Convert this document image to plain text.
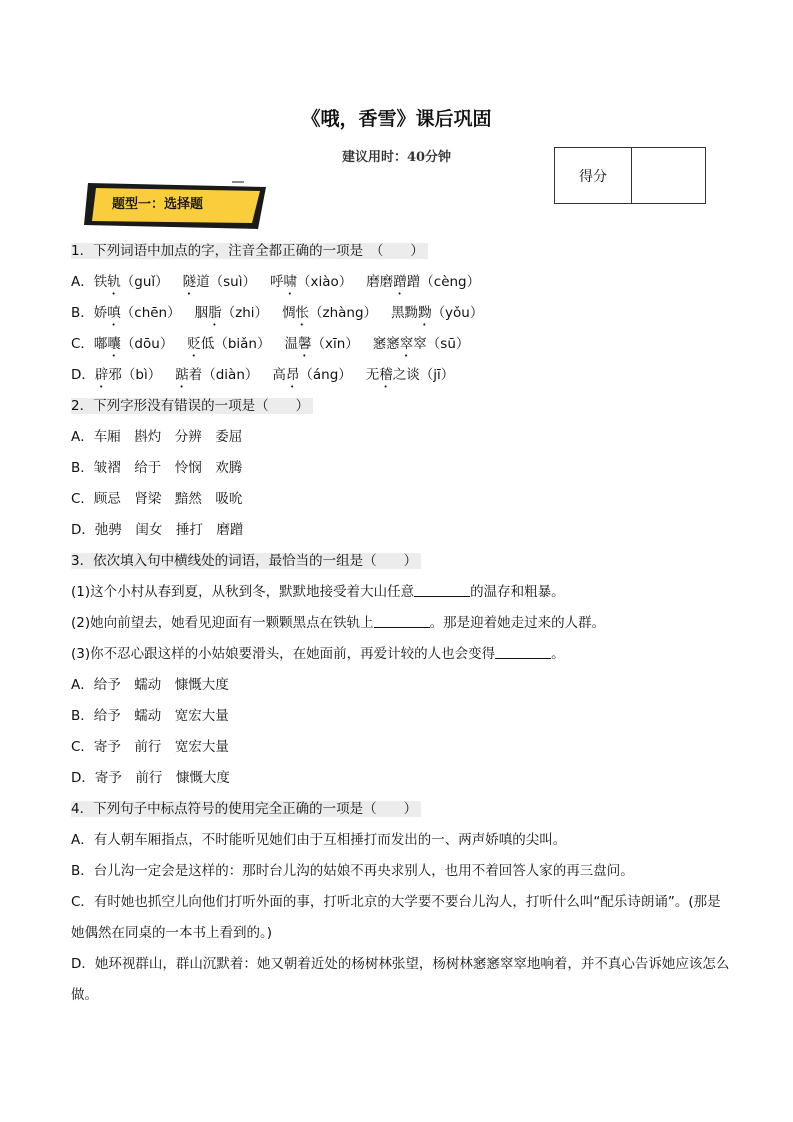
《哦，香雪》课后巩固
建议用时：40分钟
得分
题型一：选择题
1．下列词语中加点的字，注音全都正确的一项是　（　　）
A．铁轨（guǐ） 隧道（suì） 呼啸（xiào） 磨磨蹭蹭（cèng）
B．娇嗔（chēn） 胭脂（zhi） 惆怅（zhàng） 黑黝黝（yǒu）
C．嘟囔（dōu） 贬低（biǎn） 温馨（xīn） 窸窸窣窣（sū）
D．辟邪（bì） 踮着（diàn） 高昂（áng） 无稽之谈（jī）
2．下列字形没有错误的一项是（　　）
A．车厢　斟灼　分辨　委屈
B．皱褶　给于　怜悯　欢腾
C．顾忌　肾梁　黯然　吸吮
D．弛骋　闺女　捶打　磨蹭
3．依次填入句中横线处的词语，最恰当的一组是（　　）
(1)这个小村从春到夏，从秋到冬，默默地接受着大山任意	的温存和粗暴。
(2)她向前望去，她看见迎面有一颗颗黑点在铁轨上	。那是迎着她走过来的人群。
(3)你不忍心跟这样的小姑娘要滑头，在她面前，再爱计较的人也会变得	。
A．给予　蠕动　慷慨大度
B．给予　蠕动　宽宏大量
C．寄予　前行　宽宏大量
D．寄予　前行　慷慨大度
4．下列句子中标点符号的使用完全正确的一项是（　　）
A．有人朝车厢指点，不时能听见她们由于互相捶打而发出的一、两声娇嗔的尖叫。
B．台儿沟一定会是这样的：那时台儿沟的姑娘不再央求别人，也用不着回答人家的再三盘问。
C．有时她也抓空儿向他们打听外面的事，打听北京的大学要不要台儿沟人，打听什么叫“配乐诗朗诵”。(那是她偶然在同桌的一本书上看到的。)
D．她环视群山，群山沉默着：她又朝着近处的杨树林张望，杨树林窸窸窣窣地响着，并不真心告诉她应该怎么做。
